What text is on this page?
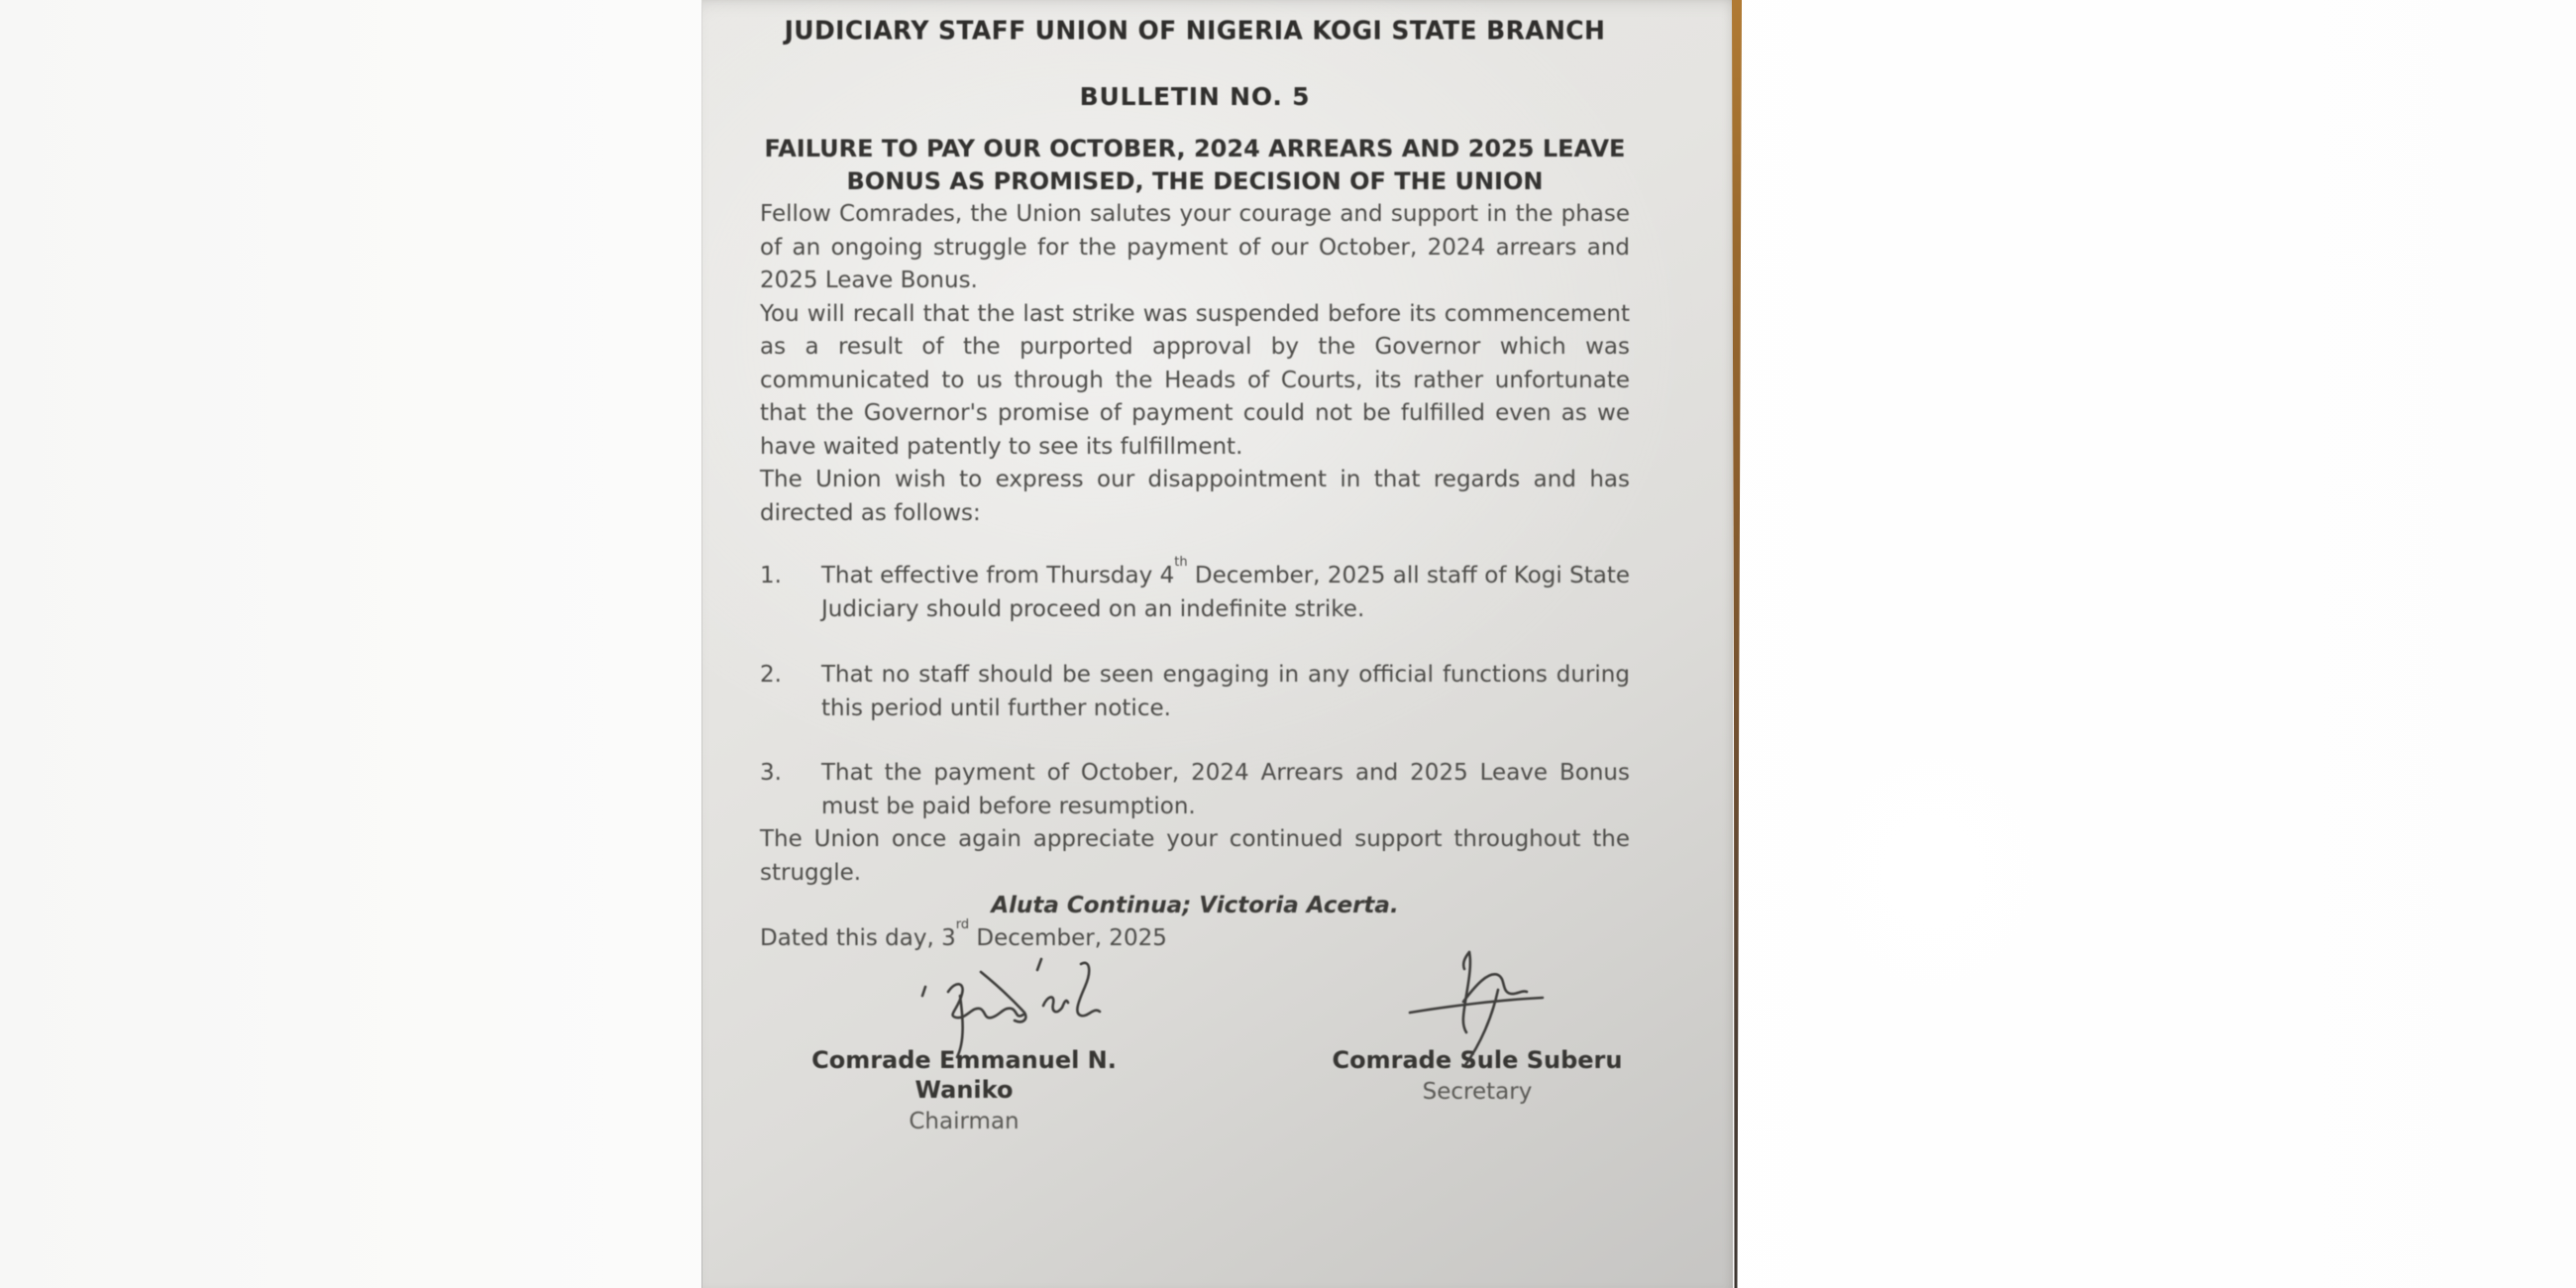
JUDICIARY STAFF UNION OF NIGERIA KOGI STATE BRANCH
BULLETIN NO. 5
FAILURE TO PAY OUR OCTOBER, 2024 ARREARS AND 2025 LEAVE BONUS AS PROMISED, THE DECISION OF THE UNION

Fellow Comrades, the Union salutes your courage and support in the phase of an ongoing struggle for the payment of our October, 2024 arrears and 2025 Leave Bonus.

You will recall that the last strike was suspended before its commencement as a result of the purported approval by the Governor which was communicated to us through the Heads of Courts, its rather unfortunate that the Governor's promise of payment could not be fulfilled even as we have waited patently to see its fulfillment.

The Union wish to express our disappointment in that regards and has directed as follows:

1.	That effective from Thursday 4th December, 2025 all staff of Kogi State Judiciary should proceed on an indefinite strike.

2.	That no staff should be seen engaging in any official functions during this period until further notice.

3.	That the payment of October, 2024 Arrears and 2025 Leave Bonus must be paid before resumption.

The Union once again appreciate your continued support throughout the struggle.

Aluta Continua; Victoria Acerta.

Dated this day, 3rd December, 2025

Comrade Emmanuel N. Waniko

Chairman

Comrade Sule Suberu

Secretary
